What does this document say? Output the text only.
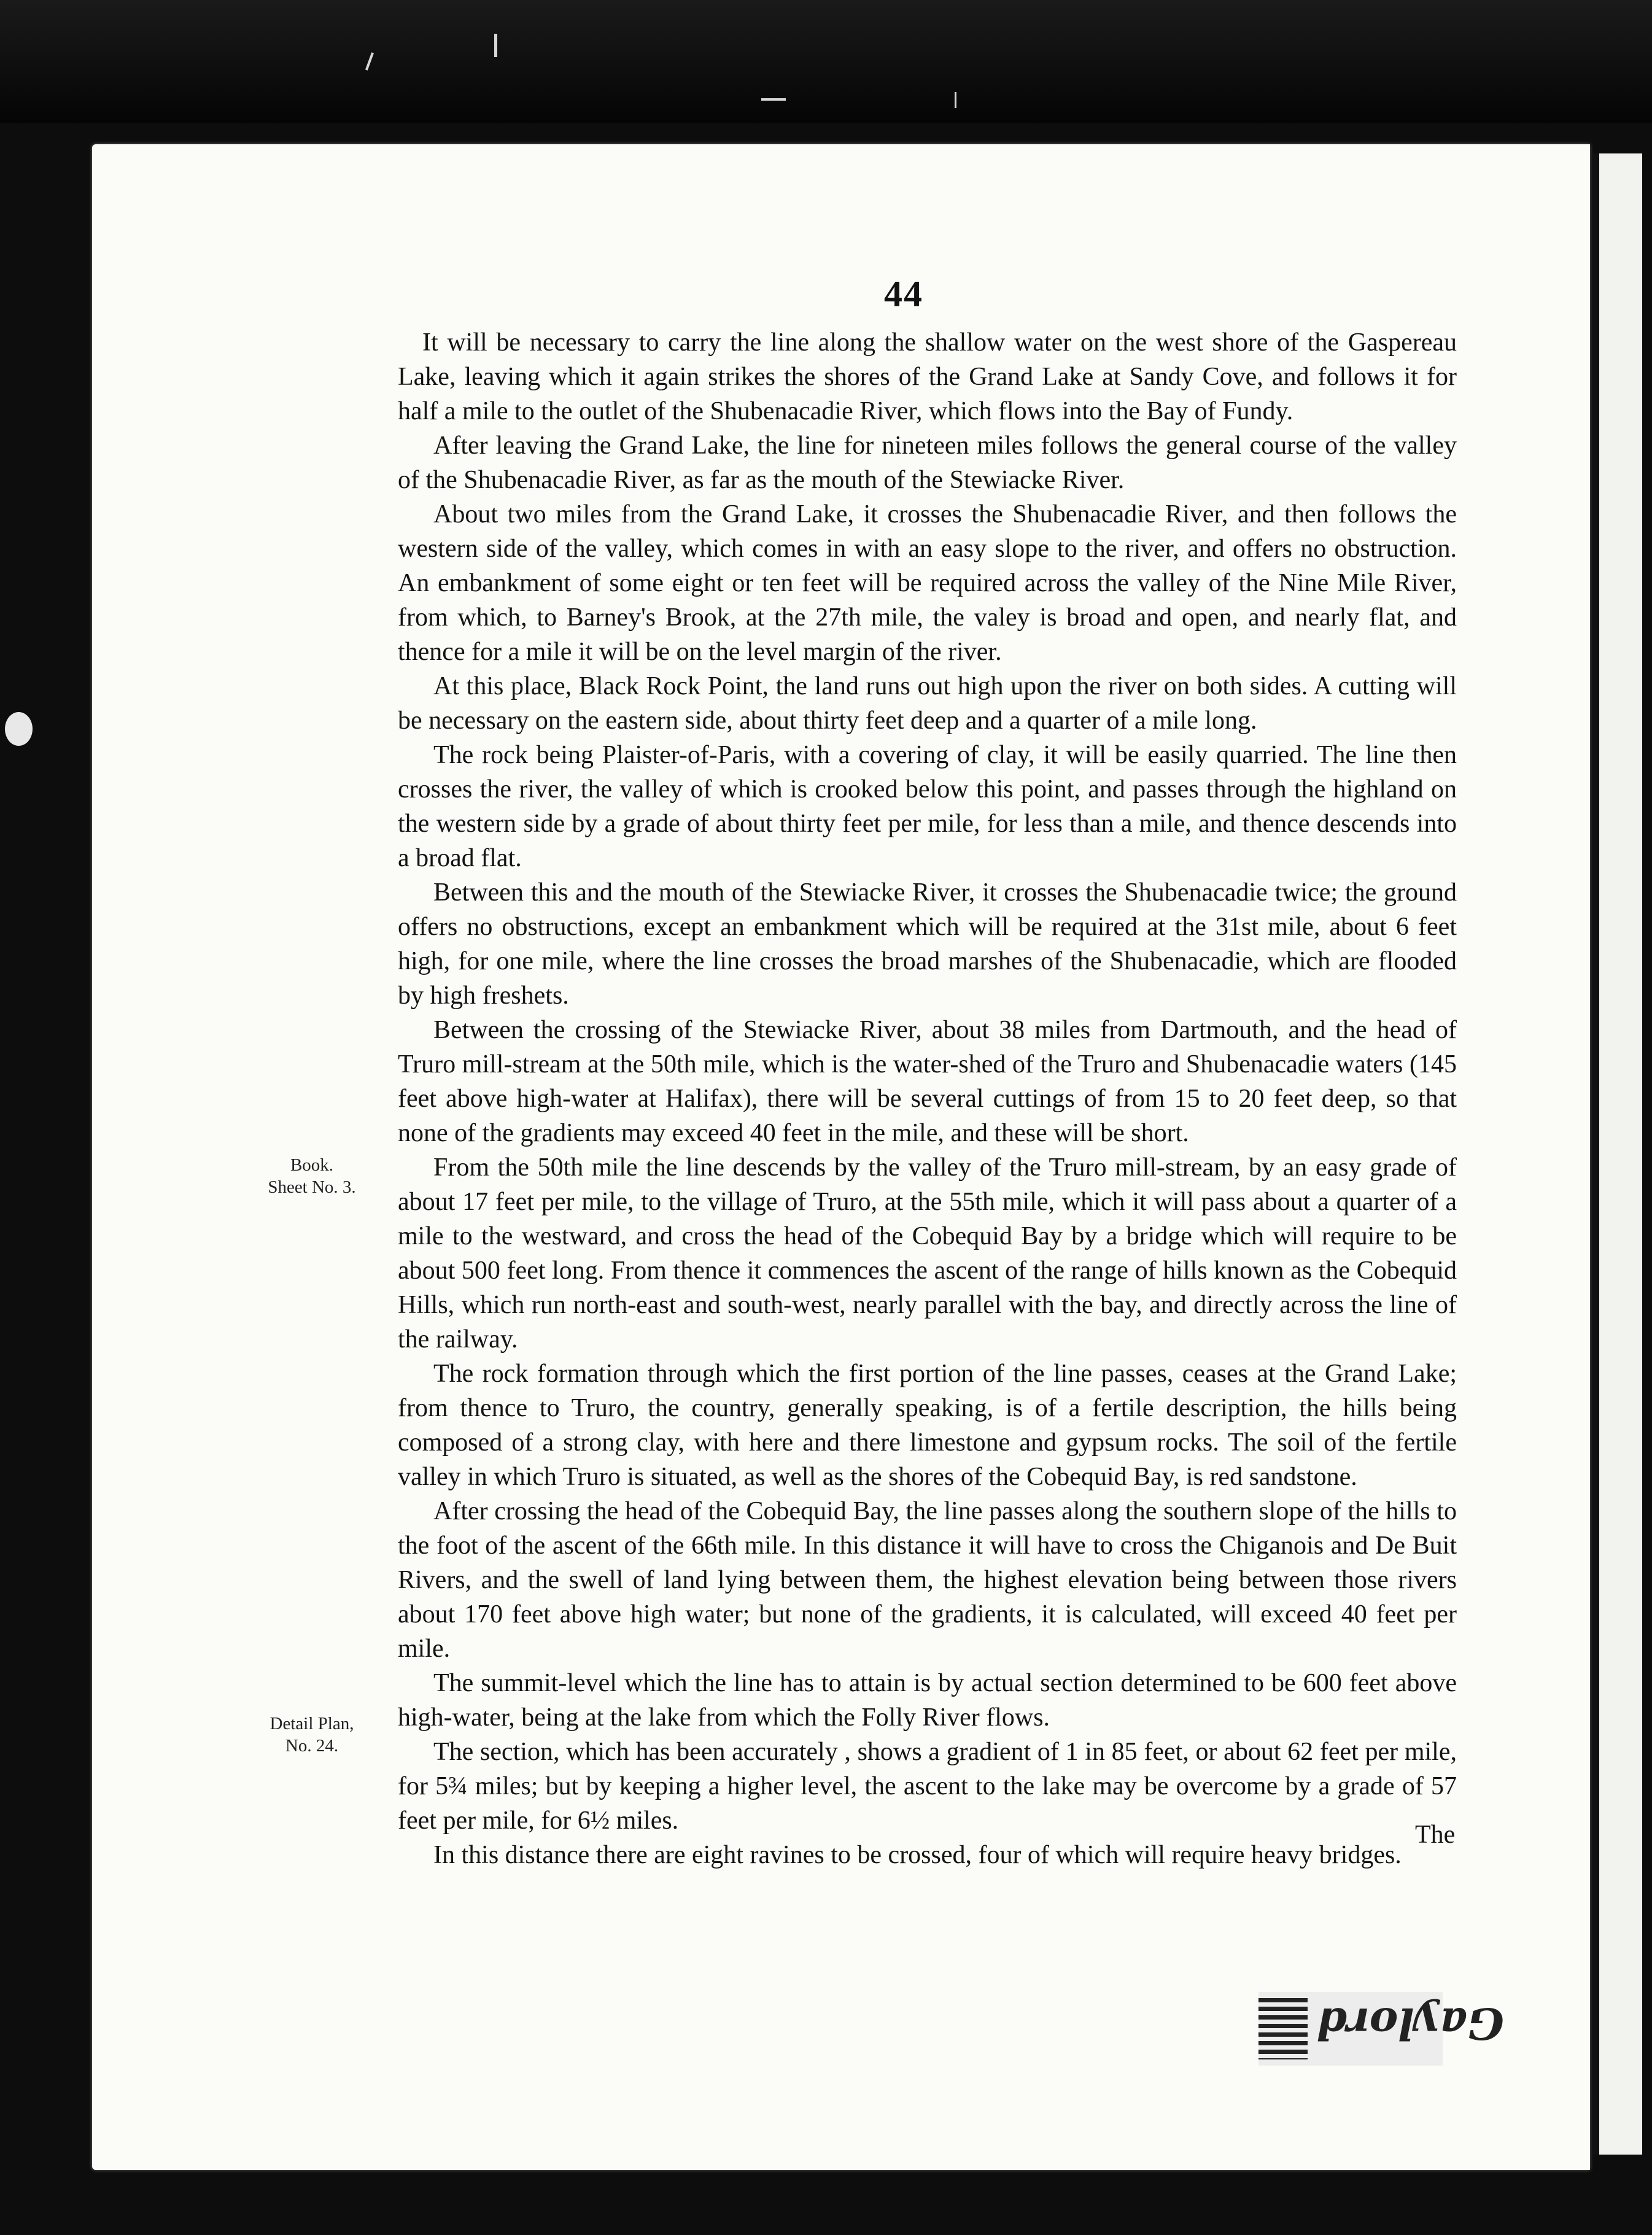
44

It will be necessary to carry the line along the shallow water on the west shore of the Gaspereau Lake, leaving which it again strikes the shores of the Grand Lake at Sandy Cove, and follows it for half a mile to the outlet of the Shubenacadie River, which flows into the Bay of Fundy.

After leaving the Grand Lake, the line for nineteen miles follows the general course of the valley of the Shubenacadie River, as far as the mouth of the Stewiacke River.

About two miles from the Grand Lake, it crosses the Shubenacadie River, and then follows the western side of the valley, which comes in with an easy slope to the river, and offers no obstruction. An embankment of some eight or ten feet will be required across the valley of the Nine Mile River, from which, to Barney's Brook, at the 27th mile, the valey is broad and open, and nearly flat, and thence for a mile it will be on the level margin of the river.

At this place, Black Rock Point, the land runs out high upon the river on both sides. A cutting will be necessary on the eastern side, about thirty feet deep and a quarter of a mile long.

The rock being Plaister-of-Paris, with a covering of clay, it will be easily quarried. The line then crosses the river, the valley of which is crooked below this point, and passes through the highland on the western side by a grade of about thirty feet per mile, for less than a mile, and thence descends into a broad flat.

Between this and the mouth of the Stewiacke River, it crosses the Shubenacadie twice; the ground offers no obstructions, except an embankment which will be required at the 31st mile, about 6 feet high, for one mile, where the line crosses the broad marshes of the Shubenacadie, which are flooded by high freshets.

Between the crossing of the Stewiacke River, about 38 miles from Dartmouth, and the head of Truro mill-stream at the 50th mile, which is the water-shed of the Truro and Shubenacadie waters (145 feet above high-water at Halifax), there will be several cuttings of from 15 to 20 feet deep, so that none of the gradients may exceed 40 feet in the mile, and these will be short.

From the 50th mile the line descends by the valley of the Truro mill-stream, by an easy grade of about 17 feet per mile, to the village of Truro, at the 55th mile, which it will pass about a quarter of a mile to the westward, and cross the head of the Cobequid Bay by a bridge which will require to be about 500 feet long. From thence it commences the ascent of the range of hills known as the Cobequid Hills, which run north-east and south-west, nearly parallel with the bay, and directly across the line of the railway.

The rock formation through which the first portion of the line passes, ceases at the Grand Lake; from thence to Truro, the country, generally speaking, is of a fertile description, the hills being composed of a strong clay, with here and there limestone and gypsum rocks. The soil of the fertile valley in which Truro is situated, as well as the shores of the Cobequid Bay, is red sandstone.

After crossing the head of the Cobequid Bay, the line passes along the southern slope of the hills to the foot of the ascent of the 66th mile. In this distance it will have to cross the Chiganois and De Buit Rivers, and the swell of land lying between them, the highest elevation being between those rivers about 170 feet above high water; but none of the gradients, it is calculated, will exceed 40 feet per mile.

The summit-level which the line has to attain is by actual section determined to be 600 feet above high-water, being at the lake from which the Folly River flows.

The section, which has been accurately , shows a gradient of 1 in 85 feet, or about 62 feet per mile, for 5¾ miles; but by keeping a higher level, the ascent to the lake may be overcome by a grade of 57 feet per mile, for 6½ miles.

In this distance there are eight ravines to be crossed, four of which will require heavy bridges.

Book.
Sheet No. 3.
Detail Plan,
No. 24.
The
Gaylord
